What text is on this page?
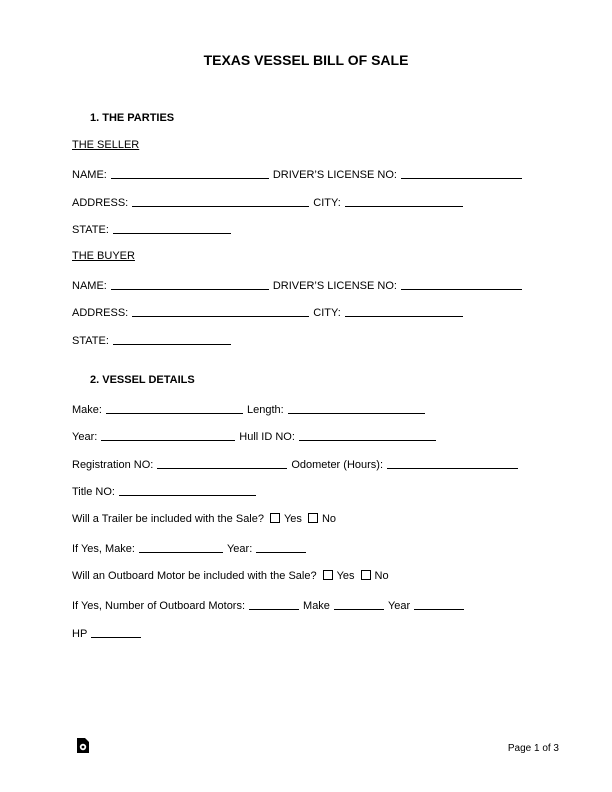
TEXAS VESSEL BILL OF SALE
1. THE PARTIES
THE SELLER
NAME:	DRIVER’S LICENSE NO:
ADDRESS:	CITY:
STATE:
THE BUYER
NAME:	DRIVER’S LICENSE NO:
ADDRESS:	CITY:
STATE:
2. VESSEL DETAILS
Make:	Length:
Year:	Hull ID NO:
Registration NO:	Odometer (Hours):
Title NO:
Will a Trailer be included with the Sale? Yes No
If Yes, Make:	Year:
Will an Outboard Motor be included with the Sale? Yes No
If Yes, Number of Outboard Motors:	Make	Year
HP
Page 1 of 3
